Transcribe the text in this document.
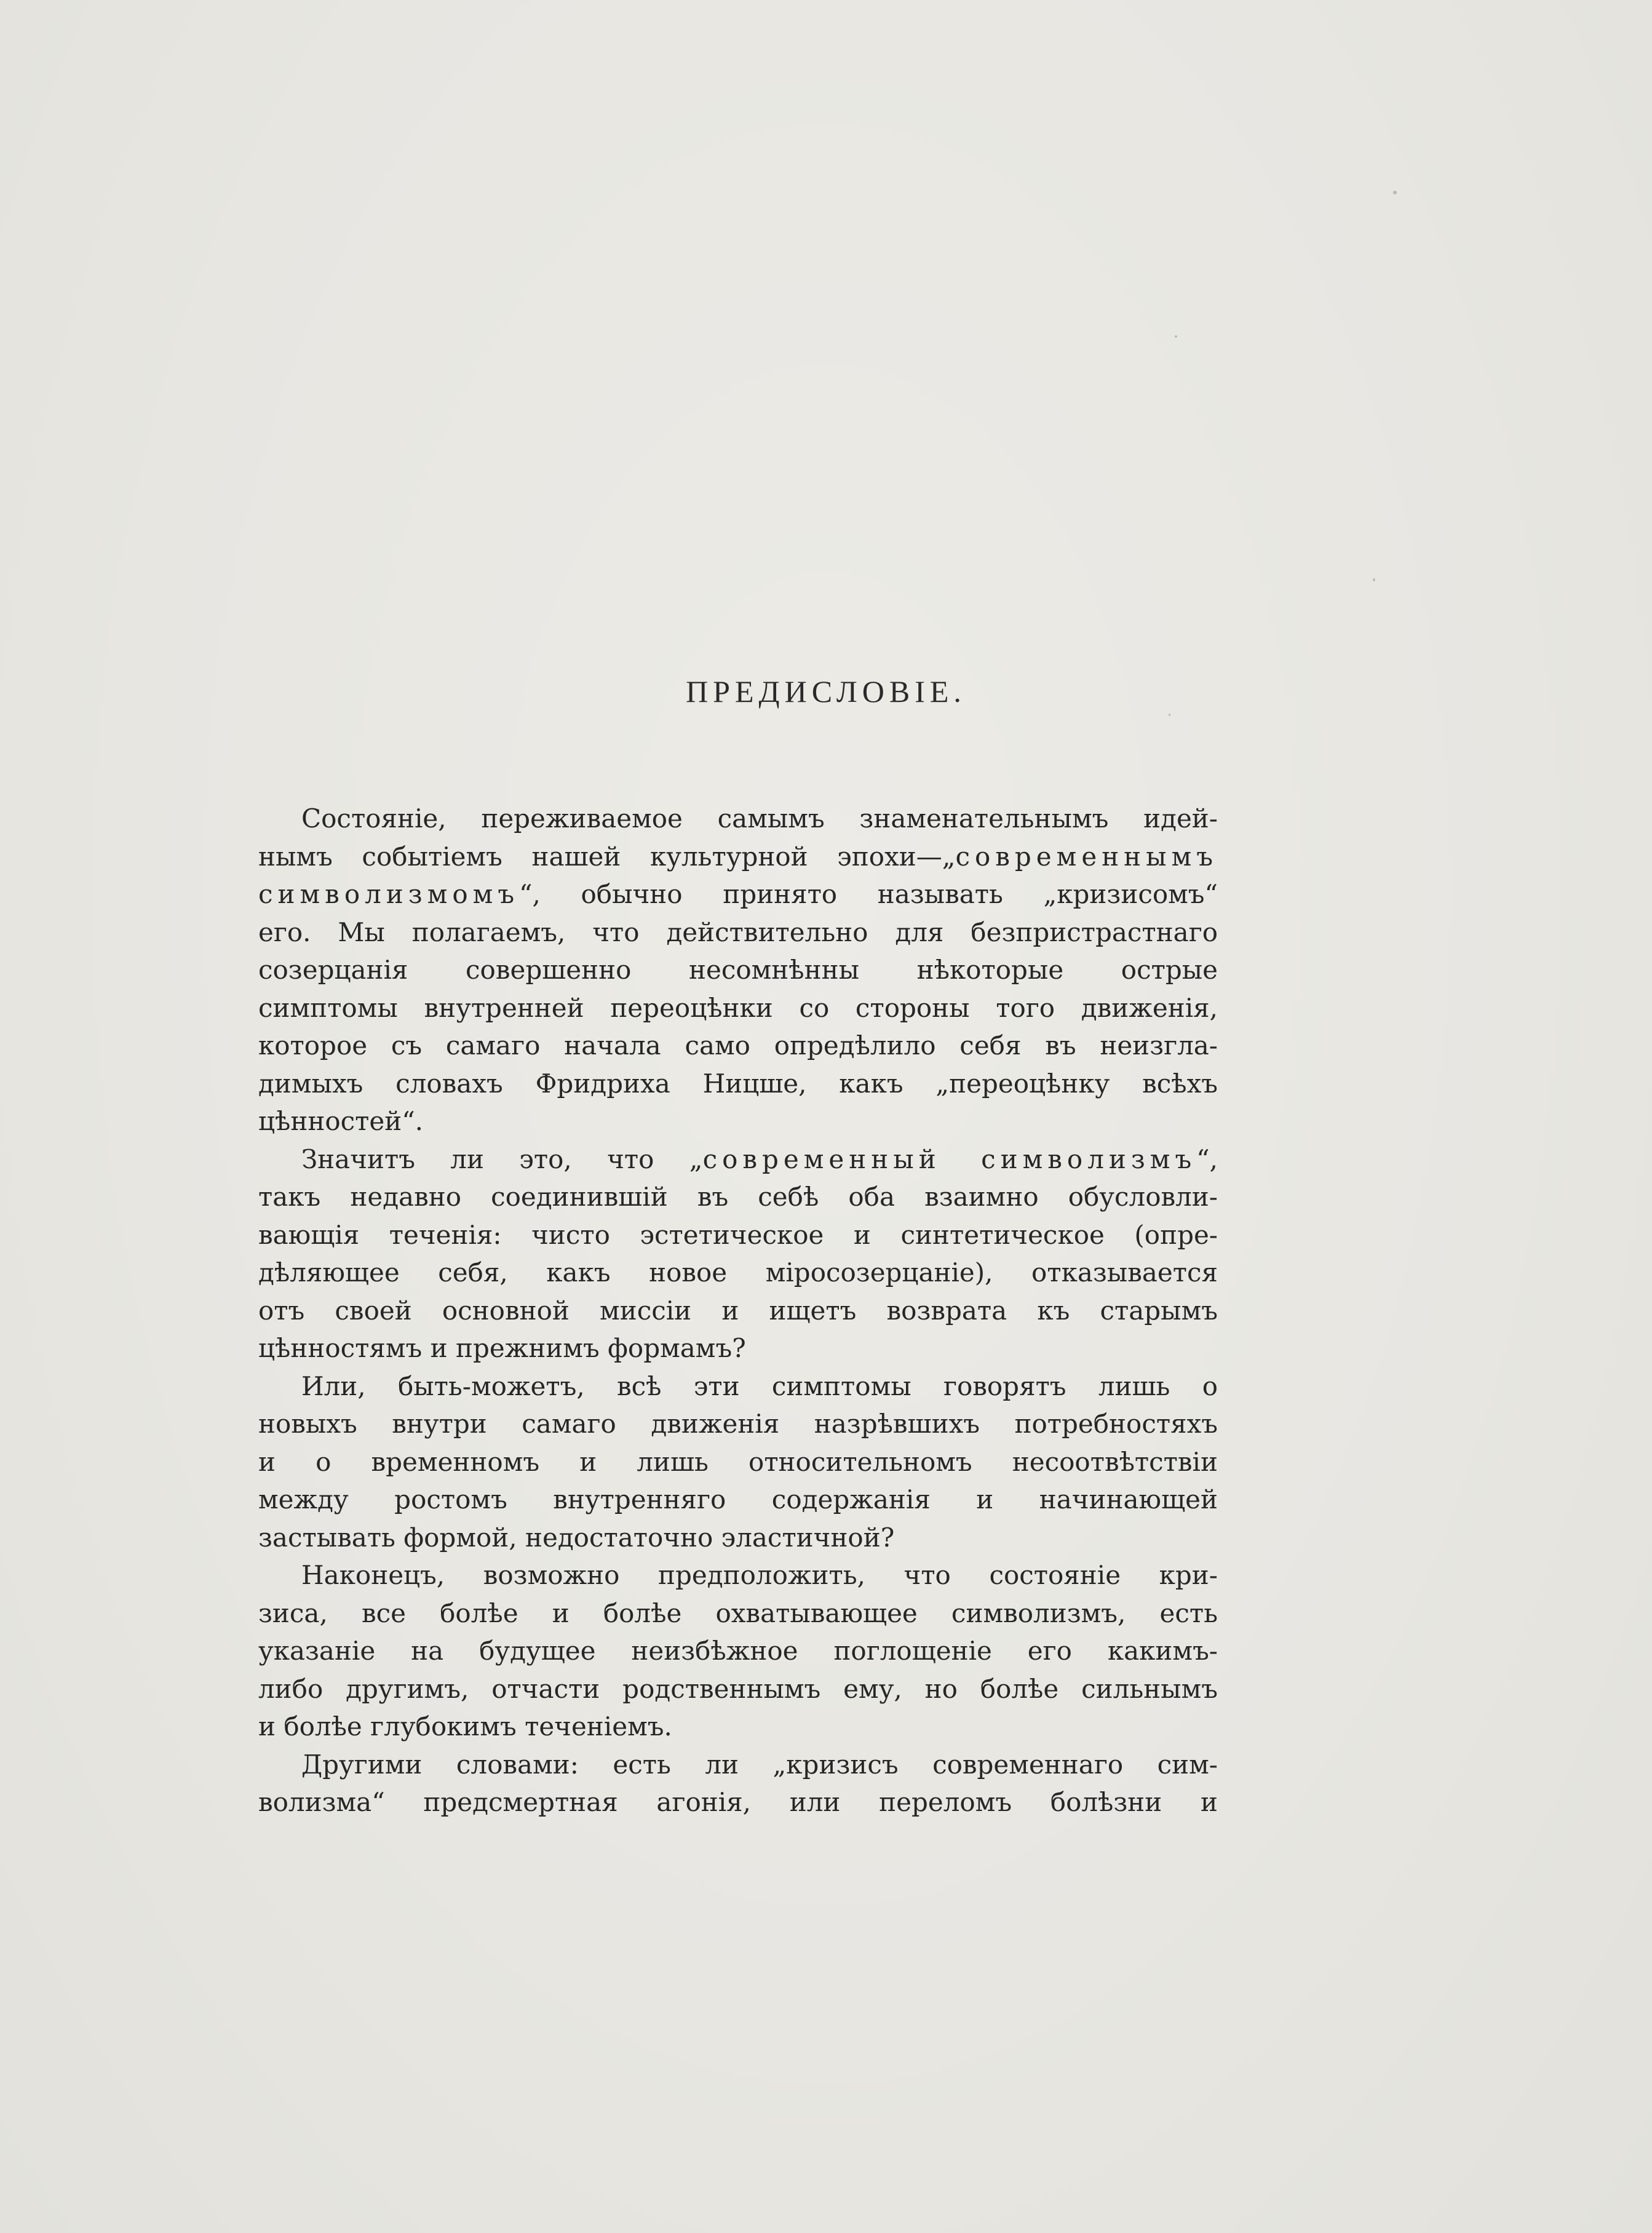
ПРЕДИСЛОВІЕ.
Состояніе, переживаемое самымъ знаменательнымъ идей-
нымъ событіемъ нашей культурной эпохи—„современнымъ
символизмомъ“, обычно принято называть „кризисомъ“
его. Мы полагаемъ, что действительно для безпристрастнаго
созерцанія совершенно несомнѣнны нѣкоторые острые
симптомы внутренней переоцѣнки со стороны того движенія,
которое съ самаго начала само опредѣлило себя въ неизгла-
димыхъ словахъ Фридриха Ницше, какъ „переоцѣнку всѣхъ
цѣнностей“.
Значитъ ли это, что „современный символизмъ“,
такъ недавно соединившій въ себѣ оба взаимно обусловли-
вающія теченія: чисто эстетическое и синтетическое (опре-
дѣляющее себя, какъ новое міросозерцаніе), отказывается
отъ своей основной миссіи и ищетъ возврата къ старымъ
цѣнностямъ и прежнимъ формамъ?
Или, быть-можетъ, всѣ эти симптомы говорятъ лишь о
новыхъ внутри самаго движенія назрѣвшихъ потребностяхъ
и о временномъ и лишь относительномъ несоотвѣтствіи
между ростомъ внутренняго содержанія и начинающей
застывать формой, недостаточно эластичной?
Наконецъ, возможно предположить, что состояніе кри-
зиса, все болѣе и болѣе охватывающее символизмъ, есть
указаніе на будущее неизбѣжное поглощеніе его какимъ-
либо другимъ, отчасти родственнымъ ему, но болѣе сильнымъ
и болѣе глубокимъ теченіемъ.
Другими словами: есть ли „кризисъ современнаго сим-
волизма“ предсмертная агонія, или переломъ болѣзни и
